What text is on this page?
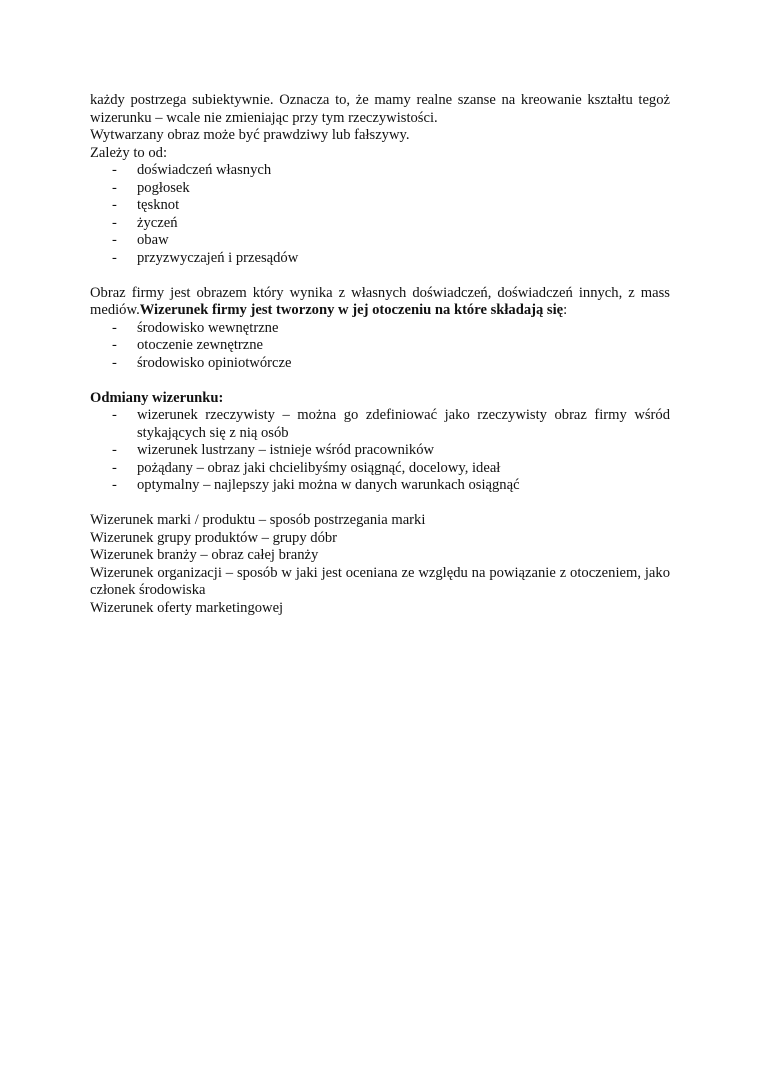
każdy postrzega subiektywnie. Oznacza to, że mamy realne szanse na kreowanie kształtu tegoż wizerunku – wcale nie zmieniając przy tym rzeczywistości.
Wytwarzany obraz może być prawdziwy lub fałszywy.
Zależy to od:
- doświadczeń własnych
- pogłosek
- tęsknot
- życzeń
- obaw
- przyzwyczajeń i przesądów
Obraz firmy jest obrazem który wynika z własnych doświadczeń, doświadczeń innych, z mass mediów.Wizerunek firmy jest tworzony w jej otoczeniu na które składają się:
- środowisko wewnętrzne
- otoczenie zewnętrzne
- środowisko opiniotwórcze
Odmiany wizerunku:
- wizerunek rzeczywisty – można go zdefiniować jako rzeczywisty obraz firmy wśród stykających się z nią osób
- wizerunek lustrzany – istnieje wśród pracowników
- pożądany – obraz jaki chcielibyśmy osiągnąć, docelowy, ideał
- optymalny – najlepszy jaki można w danych warunkach osiągnąć
Wizerunek marki / produktu – sposób postrzegania marki
Wizerunek grupy produktów – grupy dóbr
Wizerunek branży – obraz całej branży
Wizerunek organizacji – sposób w jaki jest oceniana ze względu na powiązanie z otoczeniem, jako członek środowiska
Wizerunek oferty marketingowej
